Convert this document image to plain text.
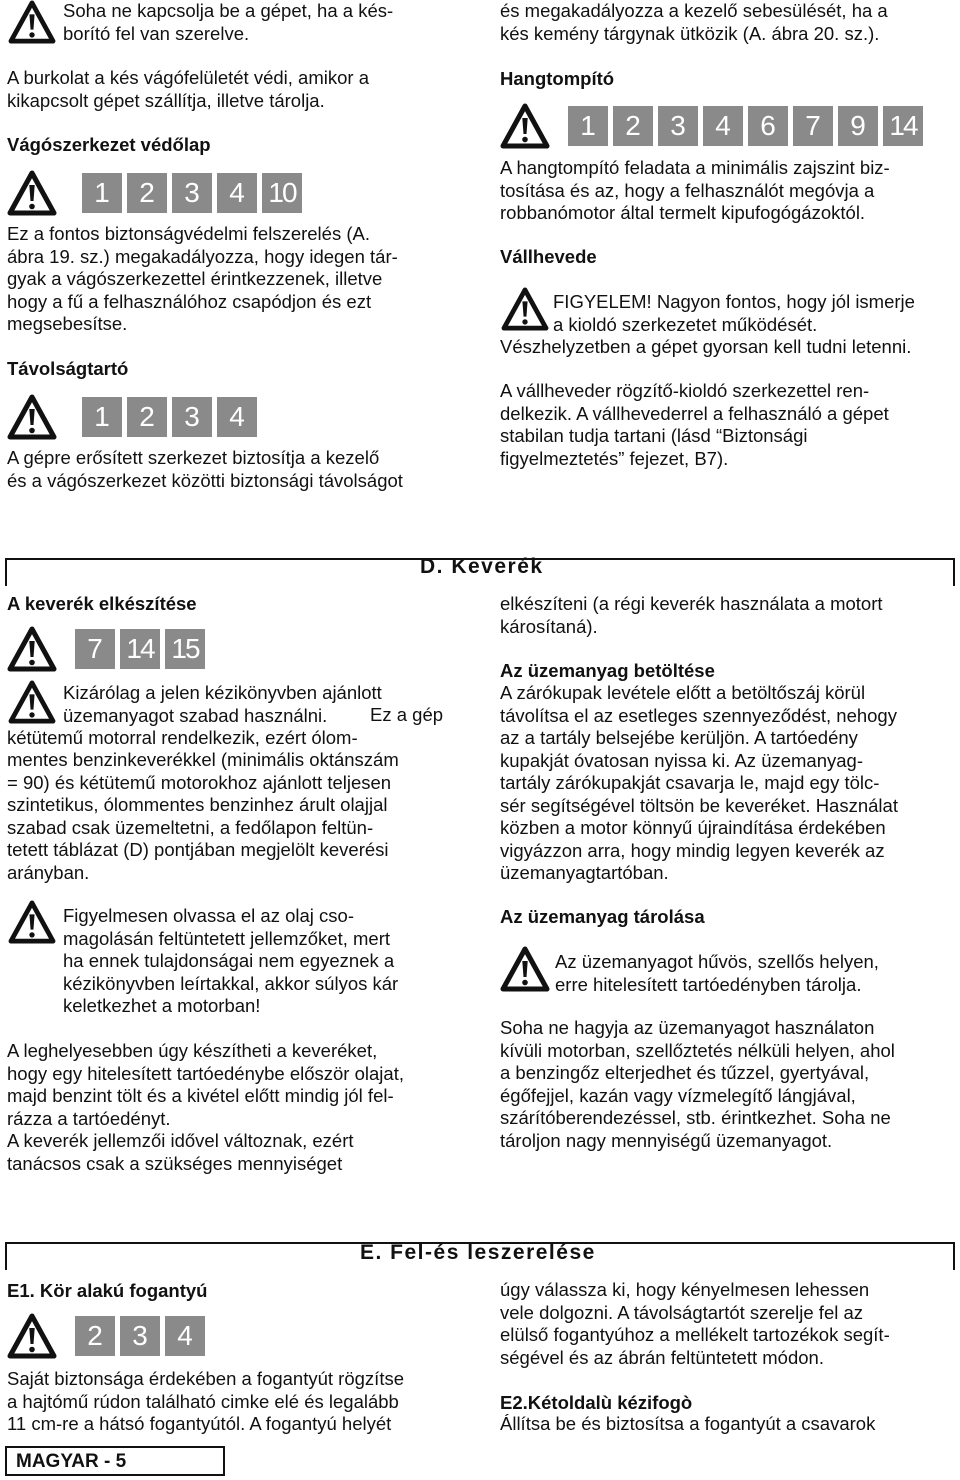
Soha ne kapcsolja be a gépet, ha a kés-
borító fel van szerelve.
A burkolat a kés vágófelületét védi, amikor a
kikapcsolt gépet szállítja, illetve tárolja.
Vágószerkezet védőlap
1	2	3	4 10
Ez a fontos biztonságvédelmi felszerelés (A.
ábra 19. sz.) megakadályozza, hogy idegen tár-
gyak a vágószerkezettel érintkezzenek, illetve
hogy a fű a felhasználóhoz csapódjon és ezt
megsebesítse.
Távolságtartó
1	2	3	4
A gépre erősített szerkezet biztosítja a kezelő
és a vágószerkezet közötti biztonsági távolságot
és megakadályozza a kezelő sebesülését, ha a
kés kemény tárgynak ütközik (A. ábra 20. sz.).
Hangtompító
1	2	3	4	6	7	9 14
A hangtompító feladata a minimális zajszint biz-
tosítása és az, hogy a felhasználót megóvja a
robbanómotor által termelt kipufogógázoktól.
Vállhevede
FIGYELEM! Nagyon fontos, hogy jól ismerje
a kioldó szerkezetet működését.
Vészhelyzetben a gépet gyorsan kell tudni letenni.
A vállheveder rögzítő-kioldó szerkezettel ren-
delkezik. A vállhevederrel a felhasználó a gépet
stabilan tudja tartani (lásd “Biztonsági
figyelmeztetés” fejezet, B7).
D. Keverék
A keverék elkészítése
7 14 15
Kizárólag a jelen kézikönyvben ajánlott
üzemanyagot szabad használni.	Ez a gép
kétütemű motorral rendelkezik, ezért ólom-
mentes benzinkeverékkel (minimális oktánszám
= 90) és kétütemű motorokhoz ajánlott teljesen
szintetikus, ólommentes benzinhez árult olajjal
szabad csak üzemeltetni, a fedőlapon feltün-
tetett táblázat (D) pontjában megjelölt keverési
arányban.
Figyelmesen olvassa el az olaj cso-
magolásán feltüntetett jellemzőket, mert
ha ennek tulajdonságai nem egyeznek a
kézikönyvben leírtakkal, akkor súlyos kár
keletkezhet a motorban!
A leghelyesebben úgy készítheti a keveréket,
hogy egy hitelesített tartóedénybe először olajat,
majd benzint tölt és a kivétel előtt mindig jól fel-
rázza a tartóedényt.
A keverék jellemzői idővel változnak, ezért
tanácsos csak a szükséges mennyiséget
elkészíteni (a régi keverék használata a motort
károsítaná).
Az üzemanyag betöltése
A zárókupak levétele előtt a betöltőszáj körül
távolítsa el az esetleges szennyeződést, nehogy
az a tartály belsejébe kerüljön. A tartóedény
kupakját óvatosan nyissa ki. Az üzemanyag-
tartály zárókupakját csavarja le, majd egy tölc-
sér segítségével töltsön be keveréket. Használat
közben a motor könnyű újraindítása érdekében
vigyázzon arra, hogy mindig legyen keverék az
üzemanyagtartóban.
Az üzemanyag tárolása
Az üzemanyagot hűvös, szellős helyen,
erre hitelesített tartóedényben tárolja.
Soha ne hagyja az üzemanyagot használaton
kívüli motorban, szellőztetés nélküli helyen, ahol
a benzingőz elterjedhet és tűzzel, gyertyával,
égőfejjel, kazán vagy vízmelegítő lángjával,
szárítóberendezéssel, stb. érintkezhet. Soha ne
tároljon nagy mennyiségű üzemanyagot.
E. Fel-és leszerelése
E1. Kör alakú fogantyú
2	3	4
Saját biztonsága érdekében a fogantyút rögzítse
a hajtómű rúdon található cimke elé és legalább
11 cm-re a hátsó fogantyútól. A fogantyú helyét
úgy válassza ki, hogy kényelmesen lehessen
vele dolgozni. A távolságtartót szerelje fel az
elülső fogantyúhoz a mellékelt tartozékok segít-
ségével és az ábrán feltüntetett módon.
E2.Kétoldalù kézifogò
Állítsa be és biztosítsa a fogantyút a csavarok
MAGYAR - 5
